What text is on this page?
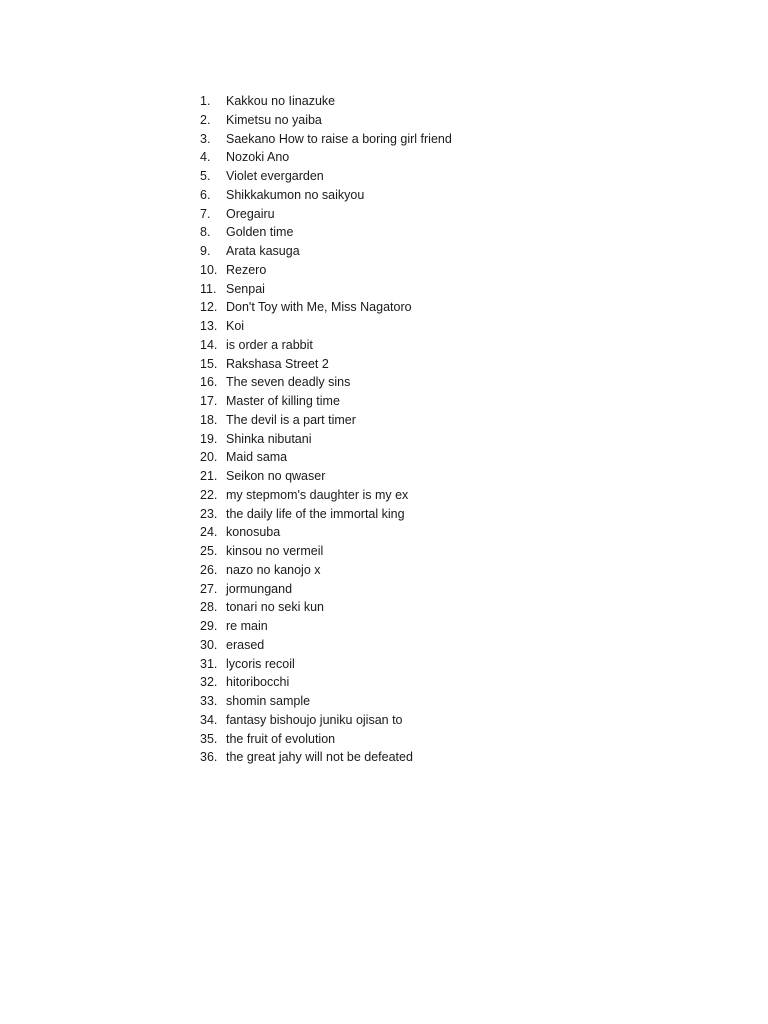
1.	Kakkou no Iinazuke
2.	Kimetsu no yaiba
3.	Saekano How to raise a boring girl friend
4.	Nozoki Ano
5.	Violet evergarden
6.	Shikkakumon no saikyou
7.	Oregairu
8.	Golden time
9.	Arata kasuga
10. Rezero
11. Senpai
12. Don't Toy with Me, Miss Nagatoro
13. Koi
14. is order a rabbit
15. Rakshasa Street 2
16. The seven deadly sins
17. Master of killing time
18. The devil is a part timer
19. Shinka nibutani
20. Maid sama
21. Seikon no qwaser
22. my stepmom's daughter is my ex
23. the daily life of the immortal king
24. konosuba
25. kinsou no vermeil
26. nazo no kanojo x
27. jormungand
28. tonari no seki kun
29. re main
30. erased
31. lycoris recoil
32. hitoribocchi
33. shomin sample
34. fantasy bishoujo juniku ojisan to
35. the fruit of evolution
36. the great jahy will not be defeated
